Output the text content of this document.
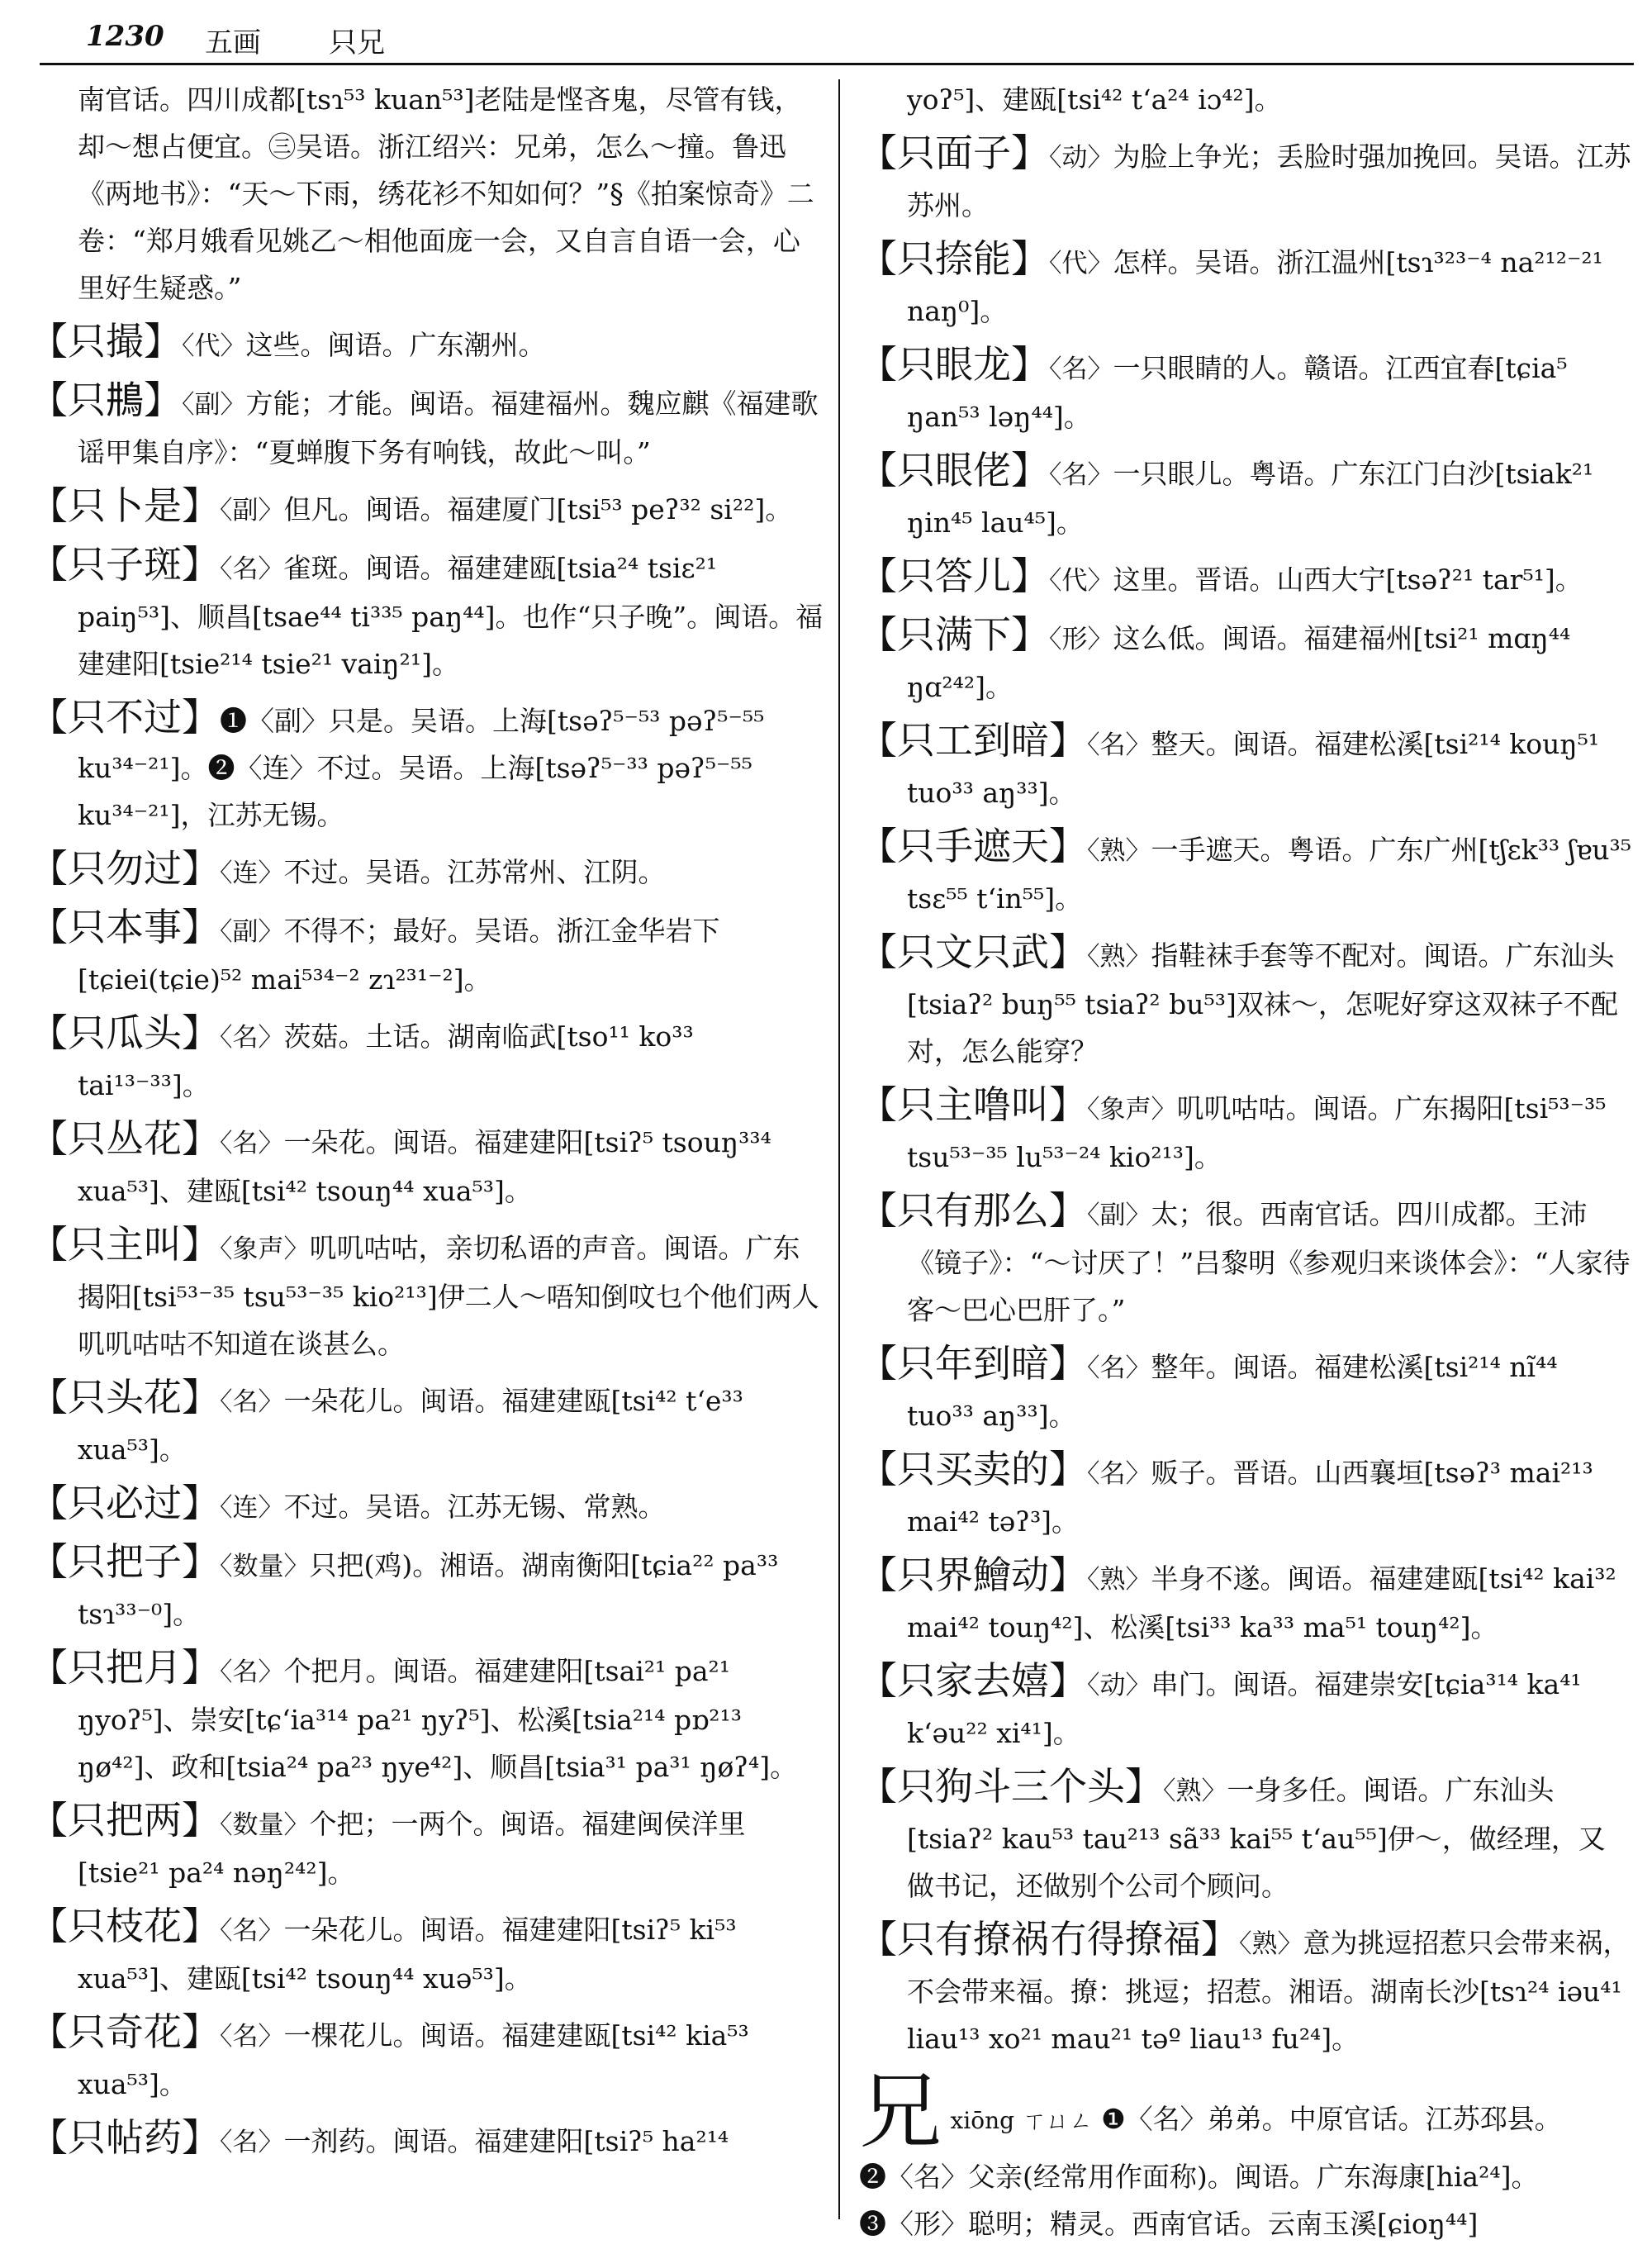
1230 五画 只兄
南官话。四川成都[tsɿ⁵³ kuan⁵³]老陆是悭吝鬼，尽管有钱，却～想占便宜。㊂吴语。浙江绍兴：兄弟，怎么～撞。鲁迅《两地书》：“天～下雨，绣花衫不知如何？”§《拍案惊奇》二卷：“郑月娥看见姚乙～相他面庞一会，又自言自语一会，心里好生疑惑。”
【只撮】〈代〉这些。闽语。广东潮州。
【只𩾺】〈副〉方能；才能。闽语。福建福州。魏应麒《福建歌谣甲集自序》：“夏蝉腹下务有响钱，故此～叫。”
【只卜是】〈副〉但凡。闽语。福建厦门[tsi⁵³ peʔ³² si²²]。
【只子斑】〈名〉雀斑。闽语。福建建瓯[tsia²⁴ tsiɛ²¹ paiŋ⁵³]、顺昌[tsae⁴⁴ ti³³⁵ paŋ⁴⁴]。也作“只子晚”。闽语。福建建阳[tsie²¹⁴ tsie²¹ vaiŋ²¹]。
【只不过】❶〈副〉只是。吴语。上海[tsəʔ⁵⁻⁵³ pəʔ⁵⁻⁵⁵ ku³⁴⁻²¹]。❷〈连〉不过。吴语。上海[tsəʔ⁵⁻³³ pəʔ⁵⁻⁵⁵ ku³⁴⁻²¹]，江苏无锡。
【只勿过】〈连〉不过。吴语。江苏常州、江阴。
【只本事】〈副〉不得不；最好。吴语。浙江金华岩下[tɕiei(tɕie)⁵² mai⁵³⁴⁻² zɿ²³¹⁻²]。
【只瓜头】〈名〉茨菇。土话。湖南临武[tso¹¹ ko³³ tai¹³⁻³³]。
【只丛花】〈名〉一朵花。闽语。福建建阳[tsiʔ⁵ tsouŋ³³⁴ xua⁵³]、建瓯[tsi⁴² tsouŋ⁴⁴ xua⁵³]。
【只主叫】〈象声〉叽叽咕咕，亲切私语的声音。闽语。广东揭阳[tsi⁵³⁻³⁵ tsu⁵³⁻³⁵ kio²¹³]伊二人～唔知倒呅乜个他们两人叽叽咕咕不知道在谈甚么。
【只头花】〈名〉一朵花儿。闽语。福建建瓯[tsi⁴² tʻe³³ xua⁵³]。
【只必过】〈连〉不过。吴语。江苏无锡、常熟。
【只把子】〈数量〉只把(鸡)。湘语。湖南衡阳[tɕia²² pa³³ tsɿ³³⁻⁰]。
【只把月】〈名〉个把月。闽语。福建建阳[tsai²¹ pa²¹ ŋyoʔ⁵]、崇安[tɕʻia³¹⁴ pa²¹ ŋyʔ⁵]、松溪[tsia²¹⁴ pɒ²¹³ ŋø⁴²]、政和[tsia²⁴ pa²³ ŋye⁴²]、顺昌[tsia³¹ pa³¹ ŋøʔ⁴]。
【只把两】〈数量〉个把；一两个。闽语。福建闽侯洋里[tsie²¹ pa²⁴ nəŋ²⁴²]。
【只枝花】〈名〉一朵花儿。闽语。福建建阳[tsiʔ⁵ ki⁵³ xua⁵³]、建瓯[tsi⁴² tsouŋ⁴⁴ xuə⁵³]。
【只奇花】〈名〉一棵花儿。闽语。福建建瓯[tsi⁴² kia⁵³ xua⁵³]。
【只帖药】〈名〉一剂药。闽语。福建建阳[tsiʔ⁵ ha²¹⁴
yoʔ⁵]、建瓯[tsi⁴² tʻa²⁴ iɔ⁴²]。
【只面子】〈动〉为脸上争光；丢脸时强加挽回。吴语。江苏苏州。
【只捺能】〈代〉怎样。吴语。浙江温州[tsɿ³²³⁻⁴ na²¹²⁻²¹ naŋ⁰]。
【只眼龙】〈名〉一只眼睛的人。赣语。江西宜春[tɕia⁵ ŋan⁵³ ləŋ⁴⁴]。
【只眼佬】〈名〉一只眼儿。粤语。广东江门白沙[tsiak²¹ ŋin⁴⁵ lau⁴⁵]。
【只答儿】〈代〉这里。晋语。山西大宁[tsəʔ²¹ tar⁵¹]。
【只满下】〈形〉这么低。闽语。福建福州[tsi²¹ mɑŋ⁴⁴ ŋɑ²⁴²]。
【只工到暗】〈名〉整天。闽语。福建松溪[tsi²¹⁴ kouŋ⁵¹ tuo³³ aŋ³³]。
【只手遮天】〈熟〉一手遮天。粤语。广东广州[tʃɛk³³ ʃɐu³⁵ tsɛ⁵⁵ tʻin⁵⁵]。
【只文只武】〈熟〉指鞋袜手套等不配对。闽语。广东汕头[tsiaʔ² buŋ⁵⁵ tsiaʔ² bu⁵³]双袜～，怎呢好穿这双袜子不配对，怎么能穿？
【只主噜叫】〈象声〉叽叽咕咕。闽语。广东揭阳[tsi⁵³⁻³⁵ tsu⁵³⁻³⁵ lu⁵³⁻²⁴ kio²¹³]。
【只有那么】〈副〉太；很。西南官话。四川成都。王沛《镜子》：“～讨厌了！”吕黎明《参观归来谈体会》：“人家待客～巴心巴肝了。”
【只年到暗】〈名〉整年。闽语。福建松溪[tsi²¹⁴ nĩ⁴⁴ tuo³³ aŋ³³]。
【只买卖的】〈名〉贩子。晋语。山西襄垣[tsəʔ³ mai²¹³ mai⁴² təʔ³]。
【只界鱠动】〈熟〉半身不遂。闽语。福建建瓯[tsi⁴² kai³² mai⁴² touŋ⁴²]、松溪[tsi³³ ka³³ ma⁵¹ touŋ⁴²]。
【只家去嬉】〈动〉串门。闽语。福建崇安[tɕia³¹⁴ ka⁴¹ kʻəu²² xi⁴¹]。
【只狗斗三个头】〈熟〉一身多任。闽语。广东汕头[tsiaʔ² kau⁵³ tau²¹³ sã³³ kai⁵⁵ tʻau⁵⁵]伊～，做经理，又做书记，还做别个公司个顾问。
【只有撩祸冇得撩福】〈熟〉意为挑逗招惹只会带来祸，不会带来福。撩：挑逗；招惹。湘语。湖南长沙[tsɿ²⁴ iəu⁴¹ liau¹³ xo²¹ mau²¹ təº liau¹³ fu²⁴]。
兄 xiōng ㄒㄩㄥ ❶〈名〉弟弟。中原官话。江苏邳县。
❷〈名〉父亲(经常用作面称)。闽语。广东海康[hia²⁴]。
❸〈形〉聪明；精灵。西南官话。云南玉溪[ɕioŋ⁴⁴]
